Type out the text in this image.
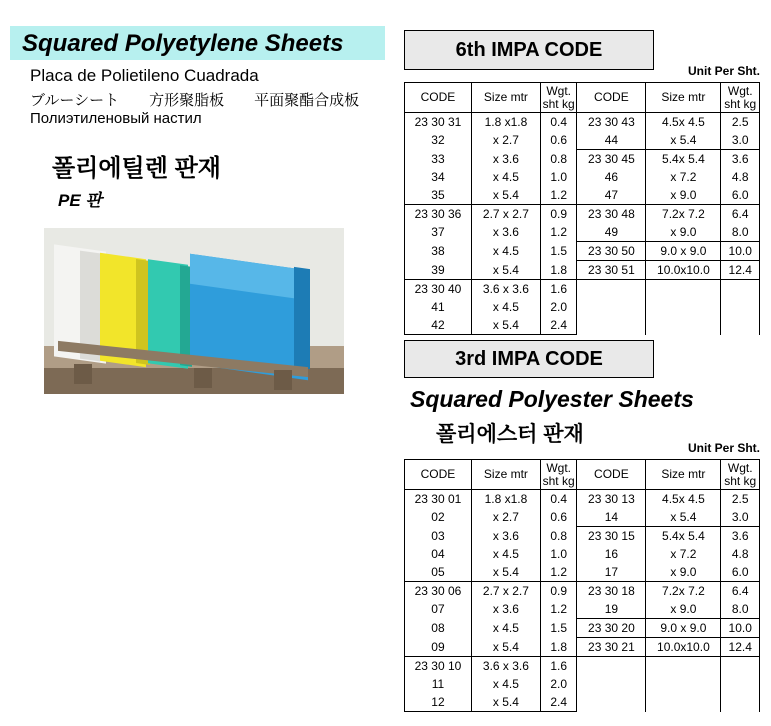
Squared Polyetylene Sheets
Placa de Polietileno Cuadrada
ブルーシート　　方形聚脂板　　平面聚酯合成板
Полиэтиленовый настил
폴리에틸렌 판재
PE 판
6th IMPA CODE
Unit Per Sht.
CODE	Size mtr	Wgt. sht kg	CODE	Size mtr	Wgt. sht kg
23 30 31	1.8 x1.8	0.4	23 30 43	4.5x 4.5	2.5
32	x 2.7	0.6	44	x 5.4	3.0
33	x 3.6	0.8	23 30 45	5.4x 5.4	3.6
34	x 4.5	1.0	46	x 7.2	4.8
35	x 5.4	1.2	47	x 9.0	6.0
23 30 36	2.7 x 2.7	0.9	23 30 48	7.2x 7.2	6.4
37	x 3.6	1.2	49	x 9.0	8.0
38	x 4.5	1.5	23 30 50	9.0 x 9.0	10.0
39	x 5.4	1.8	23 30 51	10.0x10.0	12.4
23 30 40	3.6 x 3.6	1.6			
41	x 4.5	2.0			
42	x 5.4	2.4			
3rd IMPA CODE
Squared Polyester Sheets
폴리에스터 판재
Unit Per Sht.
CODE	Size mtr	Wgt. sht kg	CODE	Size mtr	Wgt. sht kg
23 30 01	1.8 x1.8	0.4	23 30 13	4.5x 4.5	2.5
02	x 2.7	0.6	14	x 5.4	3.0
03	x 3.6	0.8	23 30 15	5.4x 5.4	3.6
04	x 4.5	1.0	16	x 7.2	4.8
05	x 5.4	1.2	17	x 9.0	6.0
23 30 06	2.7 x 2.7	0.9	23 30 18	7.2x 7.2	6.4
07	x 3.6	1.2	19	x 9.0	8.0
08	x 4.5	1.5	23 30 20	9.0 x 9.0	10.0
09	x 5.4	1.8	23 30 21	10.0x10.0	12.4
23 30 10	3.6 x 3.6	1.6			
11	x 4.5	2.0			
12	x 5.4	2.4			
